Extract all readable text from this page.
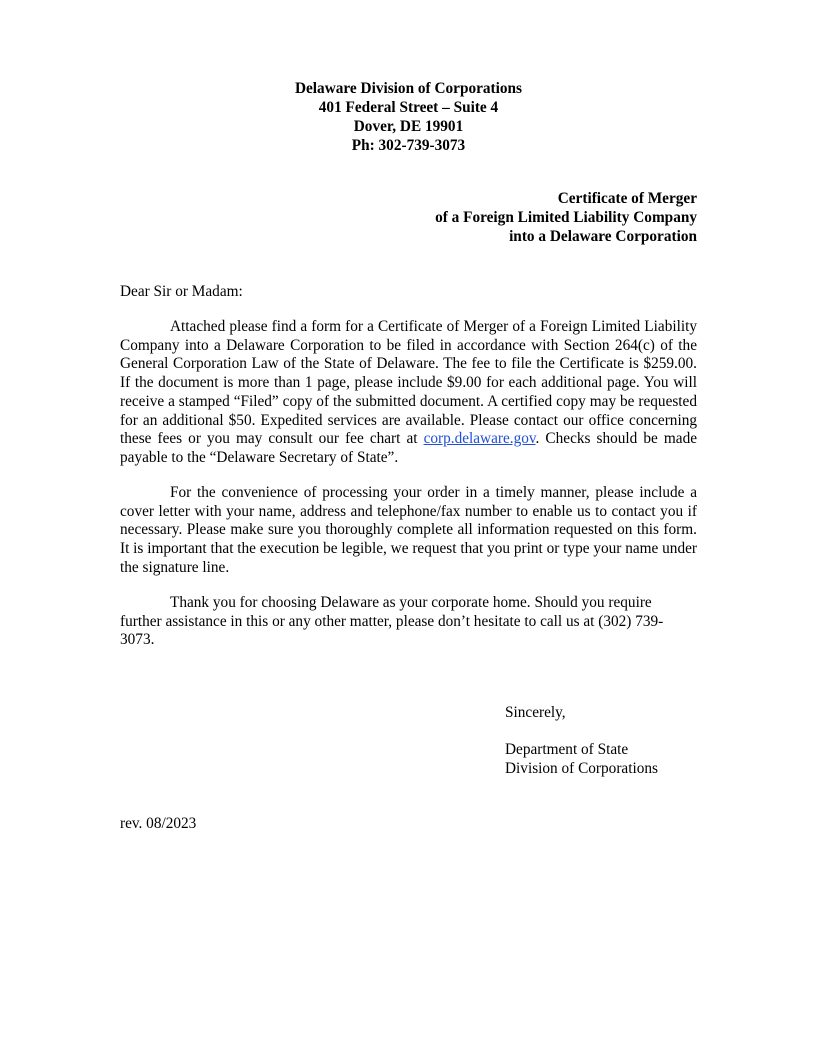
Delaware Division of Corporations
401 Federal Street – Suite 4
Dover, DE 19901
Ph: 302-739-3073
Certificate of Merger
of a Foreign Limited Liability Company
into a Delaware Corporation
Dear Sir or Madam:

Attached please find a form for a Certificate of Merger of a Foreign Limited Liability Company into a Delaware Corporation to be filed in accordance with Section 264(c) of the General Corporation Law of the State of Delaware. The fee to file the Certificate is $259.00. If the document is more than 1 page, please include $9.00 for each additional page. You will receive a stamped “Filed” copy of the submitted document. A certified copy may be requested for an additional $50. Expedited services are available. Please contact our office concerning these fees or you may consult our fee chart at corp.delaware.gov. Checks should be made payable to the “Delaware Secretary of State”.

For the convenience of processing your order in a timely manner, please include a cover letter with your name, address and telephone/fax number to enable us to contact you if necessary. Please make sure you thoroughly complete all information requested on this form. It is important that the execution be legible, we request that you print or type your name under the signature line.

Thank you for choosing Delaware as your corporate home. Should you require further assistance in this or any other matter, please don’t hesitate to call us at (302) 739-3073.

Sincerely,
Department of State
Division of Corporations
rev. 08/2023
